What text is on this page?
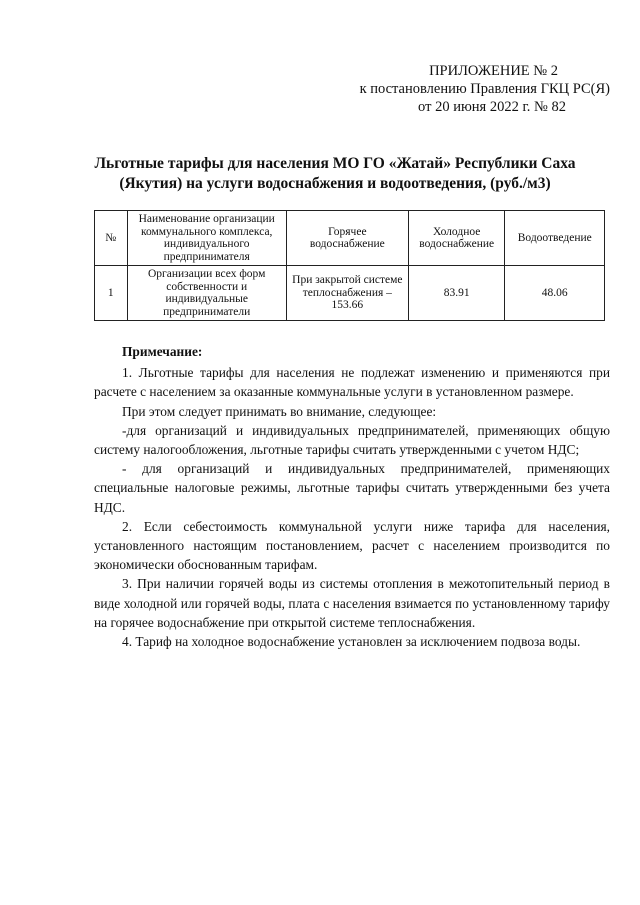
ПРИЛОЖЕНИЕ № 2
к постановлению Правления ГКЦ РС(Я)
от 20 июня 2022 г. № 82
Льготные тарифы для населения МО ГО «Жатай» Республики Саха
(Якутия) на услуги водоснабжения и водоотведения, (руб./м3)
№	Наименование организации коммунального комплекса, индивидуального предпринимателя	Горячее водоснабжение	Холодное водоснабжение	Водоотведение
1	Организации всех форм собственности и индивидуальные предприниматели	При закрытой системе теплоснабжения – 153.66	83.91	48.06

Примечание:

1. Льготные тарифы для населения не подлежат изменению и применяются при расчете с населением за оказанные коммунальные услуги в установленном размере.

При этом следует принимать во внимание, следующее:

-для организаций и индивидуальных предпринимателей, применяющих общую систему налогообложения, льготные тарифы считать утвержденными с учетом НДС;

- для организаций и индивидуальных предпринимателей, применяющих специальные налоговые режимы, льготные тарифы считать утвержденными без учета НДС.

2. Если себестоимость коммунальной услуги ниже тарифа для населения, установленного настоящим постановлением, расчет с населением производится по экономически обоснованным тарифам.

3. При наличии горячей воды из системы отопления в межотопительный период в виде холодной или горячей воды, плата с населения взимается по установленному тарифу на горячее водоснабжение при открытой системе теплоснабжения.

4. Тариф на холодное водоснабжение установлен за исключением подвоза воды.
